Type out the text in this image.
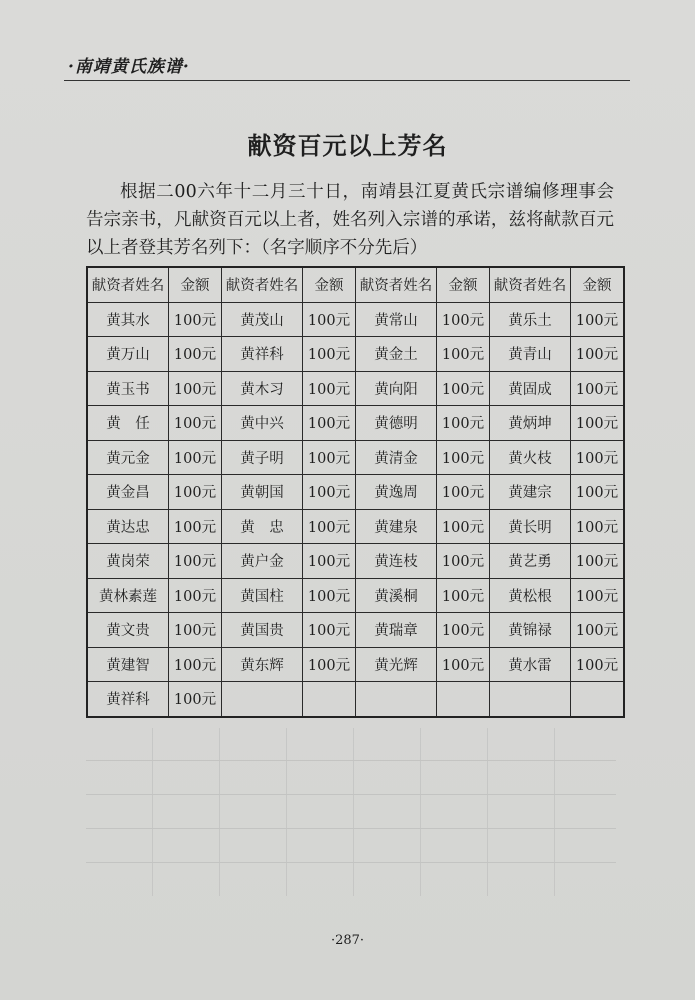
·南靖黄氏族谱·
献资百元以上芳名
根据二00六年十二月三十日，南靖县江夏黄氏宗谱编修理事会告宗亲书，凡献资百元以上者，姓名列入宗谱的承诺，兹将献款百元以上者登其芳名列下：（名字顺序不分先后）
献资者姓名	金额	献资者姓名	金额	献资者姓名	金额	献资者姓名	金额
黄其水	100元	黄茂山	100元	黄常山	100元	黄乐土	100元
黄万山	100元	黄祥科	100元	黄金土	100元	黄青山	100元
黄玉书	100元	黄木习	100元	黄向阳	100元	黄固成	100元
黄　任	100元	黄中兴	100元	黄德明	100元	黄炳坤	100元
黄元金	100元	黄子明	100元	黄清金	100元	黄火枝	100元
黄金昌	100元	黄朝国	100元	黄逸周	100元	黄建宗	100元
黄达忠	100元	黄　忠	100元	黄建泉	100元	黄长明	100元
黄岗荣	100元	黄户金	100元	黄连枝	100元	黄艺勇	100元
黄林素莲	100元	黄国柱	100元	黄溪桐	100元	黄松根	100元
黄文贵	100元	黄国贵	100元	黄瑞章	100元	黄锦禄	100元
黄建智	100元	黄东辉	100元	黄光辉	100元	黄水雷	100元
黄祥科	100元						
·287·
